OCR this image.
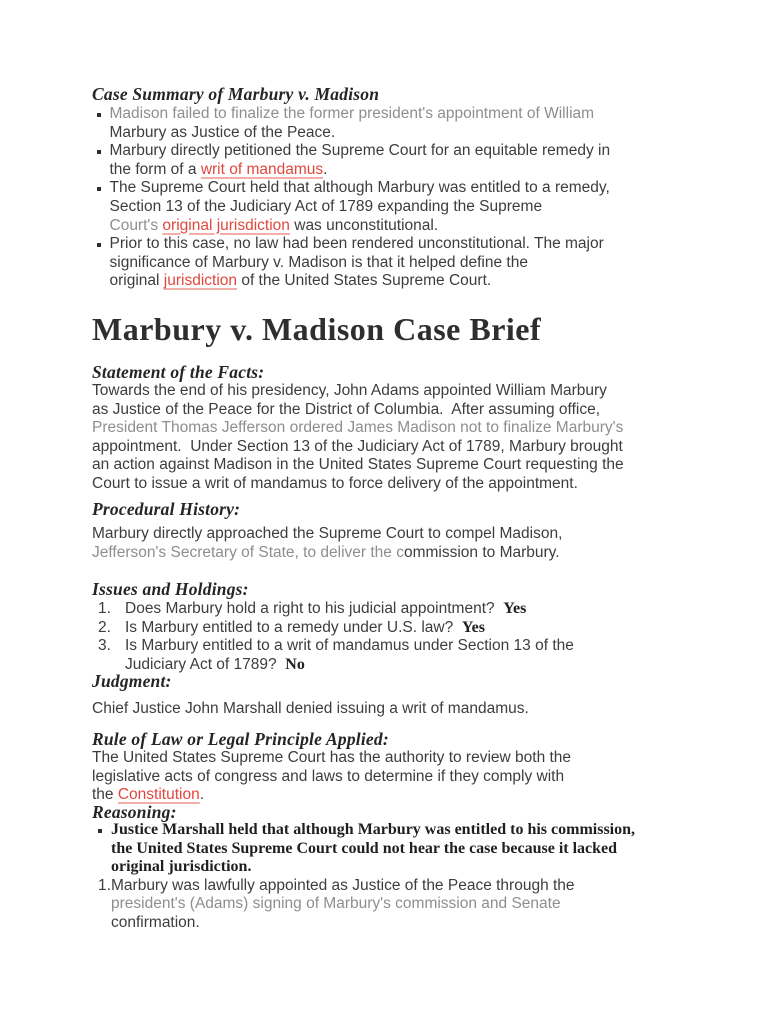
Case Summary of Marbury v. Madison
Madison failed to finalize the former president's appointment of William
Marbury as Justice of the Peace.
Marbury directly petitioned the Supreme Court for an equitable remedy in
the form of a writ of mandamus.
The Supreme Court held that although Marbury was entitled to a remedy,
Section 13 of the Judiciary Act of 1789 expanding the Supreme
Court's original jurisdiction was unconstitutional.
Prior to this case, no law had been rendered unconstitutional. The major
significance of Marbury v. Madison is that it helped define the
original jurisdiction of the United States Supreme Court.
Marbury v. Madison Case Brief
Statement of the Facts:
Towards the end of his presidency, John Adams appointed William Marbury
as Justice of the Peace for the District of Columbia.  After assuming office,
President Thomas Jefferson ordered James Madison not to finalize Marbury's
appointment.  Under Section 13 of the Judiciary Act of 1789, Marbury brought
an action against Madison in the United States Supreme Court requesting the
Court to issue a writ of mandamus to force delivery of the appointment.
Procedural History:
Marbury directly approached the Supreme Court to compel Madison,
Jefferson's Secretary of State, to deliver the commission to Marbury.
Issues and Holdings:
1. Does Marbury hold a right to his judicial appointment?  Yes
2. Is Marbury entitled to a remedy under U.S. law?  Yes
3. Is Marbury entitled to a writ of mandamus under Section 13 of the
Judiciary Act of 1789?  No
Judgment:
Chief Justice John Marshall denied issuing a writ of mandamus.
Rule of Law or Legal Principle Applied:
The United States Supreme Court has the authority to review both the
legislative acts of congress and laws to determine if they comply with
the Constitution.
Reasoning:
Justice Marshall held that although Marbury was entitled to his commission,
the United States Supreme Court could not hear the case because it lacked
original jurisdiction.
1. Marbury was lawfully appointed as Justice of the Peace through the
president's (Adams) signing of Marbury's commission and Senate
confirmation.
